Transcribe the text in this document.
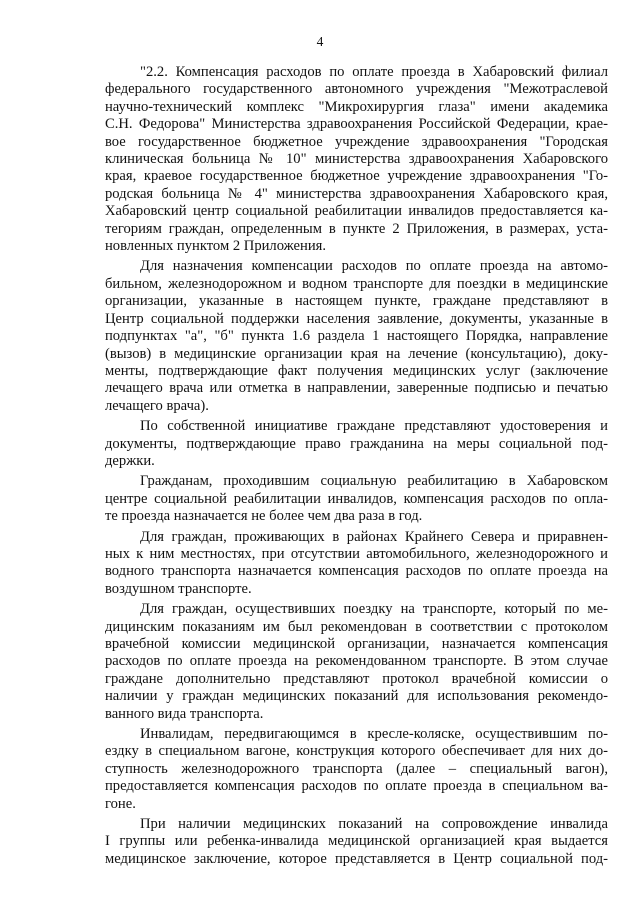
4

"2.2. Компенсация расходов по оплате проезда в Хабаровский филиал
федерального государственного автономного учреждения "Межотраслевой
научно-технический комплекс "Микрохирургия глаза" имени академика
С.Н. Федорова" Министерства здравоохранения Российской Федерации, крае-
вое государственное бюджетное учреждение здравоохранения "Городская
клиническая больница № 10" министерства здравоохранения Хабаровского
края, краевое государственное бюджетное учреждение здравоохранения "Го-
родская больница № 4" министерства здравоохранения Хабаровского края,
Хабаровский центр социальной реабилитации инвалидов предоставляется ка-
тегориям граждан, определенным в пункте 2 Приложения, в размерах, уста-
новленных пунктом 2 Приложения.

Для назначения компенсации расходов по оплате проезда на автомо-
бильном, железнодорожном и водном транспорте для поездки в медицинские
организации, указанные в настоящем пункте, граждане представляют в
Центр социальной поддержки населения заявление, документы, указанные в
подпунктах "а", "б" пункта 1.6 раздела 1 настоящего Порядка, направление
(вызов) в медицинские организации края на лечение (консультацию), доку-
менты, подтверждающие факт получения медицинских услуг (заключение
лечащего врача или отметка в направлении, заверенные подписью и печатью
лечащего врача).

По собственной инициативе граждане представляют удостоверения и
документы, подтверждающие право гражданина на меры социальной под-
держки.

Гражданам, проходившим социальную реабилитацию в Хабаровском
центре социальной реабилитации инвалидов, компенсация расходов по опла-
те проезда назначается не более чем два раза в год.

Для граждан, проживающих в районах Крайнего Севера и приравнен-
ных к ним местностях, при отсутствии автомобильного, железнодорожного и
водного транспорта назначается компенсация расходов по оплате проезда на
воздушном транспорте.

Для граждан, осуществивших поездку на транспорте, который по ме-
дицинским показаниям им был рекомендован в соответствии с протоколом
врачебной комиссии медицинской организации, назначается компенсация
расходов по оплате проезда на рекомендованном транспорте. В этом случае
граждане дополнительно представляют протокол врачебной комиссии о
наличии у граждан медицинских показаний для использования рекомендо-
ванного вида транспорта.

Инвалидам, передвигающимся в кресле-коляске, осуществившим по-
ездку в специальном вагоне, конструкция которого обеспечивает для них до-
ступность железнодорожного транспорта (далее – специальный вагон),
предоставляется компенсация расходов по оплате проезда в специальном ва-
гоне.

При наличии медицинских показаний на сопровождение инвалида
I группы или ребенка-инвалида медицинской организацией края выдается
медицинское заключение, которое представляется в Центр социальной под-
